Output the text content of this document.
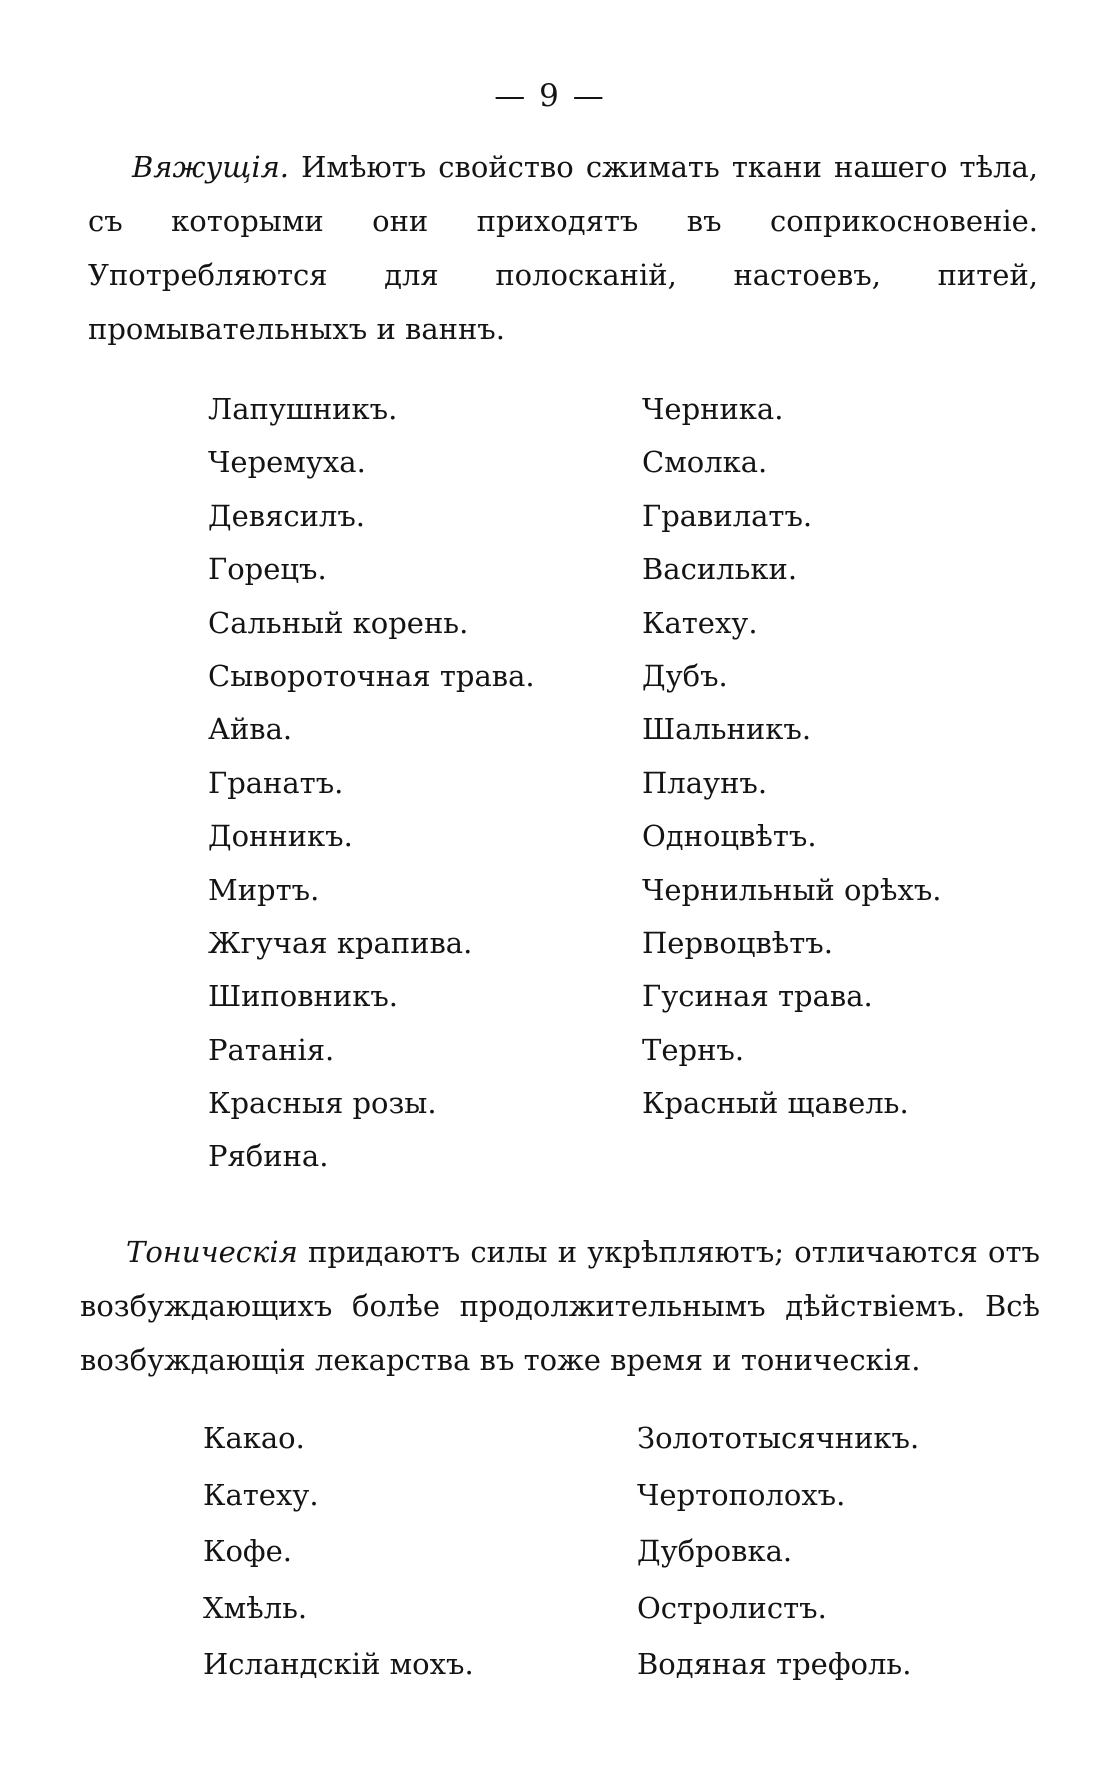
— 9 —

Вяжущія. Имѣютъ свойство сжимать ткани нашего тѣла, съ которыми они приходятъ въ соприкосновеніе. Употребляются для полосканій, настоевъ, питей, промывательныхъ и ваннъ.

Лапушникъ.
Черемуха.
Девясилъ.
Горецъ.
Сальный корень.
Сывороточная трава.
Айва.
Гранатъ.
Донникъ.
Миртъ.
Жгучая крапива.
Шиповникъ.
Ратанія.
Красныя розы.
Рябина.
Черника.
Смолка.
Гравилатъ.
Васильки.
Катеху.
Дубъ.
Шальникъ.
Плаунъ.
Одноцвѣтъ.
Чернильный орѣхъ.
Первоцвѣтъ.
Гусиная трава.
Тернъ.
Красный щавель.

Тоническія придаютъ силы и укрѣпляютъ; отличаются отъ возбуждающихъ болѣе продолжительнымъ дѣйствіемъ. Всѣ возбуждающія лекарства въ тоже время и тоническія.

Какао.
Катеху.
Кофе.
Хмѣль.
Исландскій мохъ.
Золототысячникъ.
Чертополохъ.
Дубровка.
Остролистъ.
Водяная трефоль.
